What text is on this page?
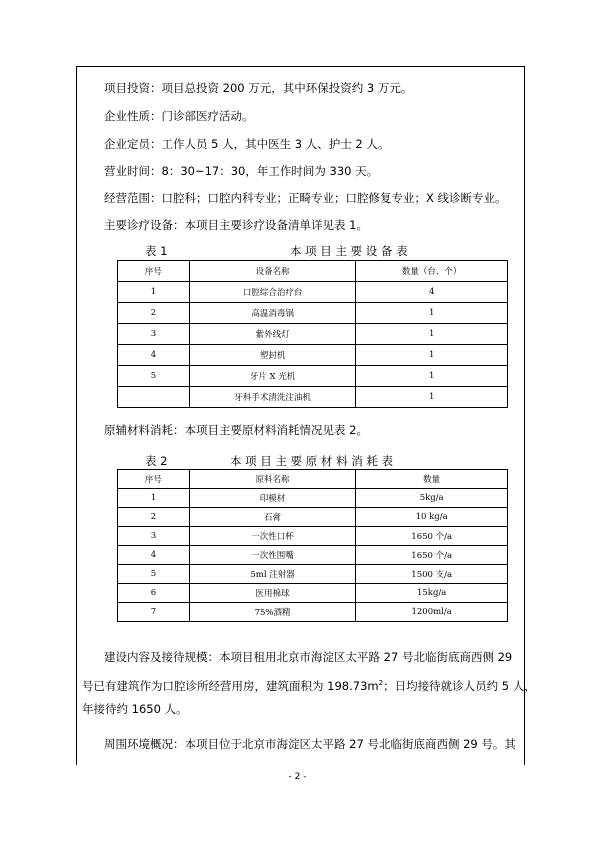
项目投资：项目总投资 200 万元，其中环保投资约 3 万元。
企业性质：门诊部医疗活动。
企业定员：工作人员 5 人，其中医生 3 人、护士 2 人。
营业时间：8：30~17：30，年工作时间为 330 天。
经营范围：口腔科；口腔内科专业；正畸专业；口腔修复专业；X 线诊断专业。
主要诊疗设备：本项目主要诊疗设备清单详见表 1。
表 1	本 项 目 主 要 设 备 表
序号	设备名称	数量（台、个）
1	口腔综合治疗台	4
2	高温消毒锅	1
3	紫外线灯	1
4	塑封机	1
5	牙片 X 光机	1
	牙科手术清洗注油机	1
原辅材料消耗：本项目主要原材料消耗情况见表 2。
表 2	本 项 目 主 要 原 材 料 消 耗 表
序号	原料名称	数量
1	印模材	5kg/a
2	石膏	10 kg/a
3	一次性口杯	1650 个/a
4	一次性围嘴	1650 个/a
5	5ml 注射器	1500 支/a
6	医用棉球	15kg/a
7	75%酒精	1200ml/a
建设内容及接待规模：本项目租用北京市海淀区太平路 27 号北临街底商西侧 29
号已有建筑作为口腔诊所经营用房，建筑面积为 $198.73m^2$；日均接待就诊人员约 5 人，
年接待约 1650 人。
周围环境概况：本项目位于北京市海淀区太平路 27 号北临街底商西侧 29 号。其
- 2 -
